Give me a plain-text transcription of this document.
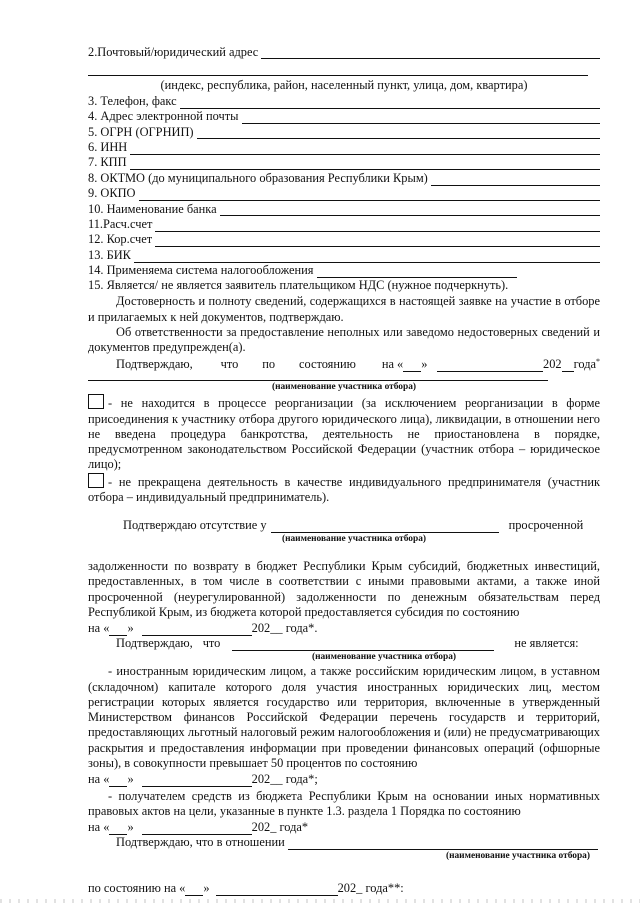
2.Почтовый/юридический адрес
(индекс, республика, район, населенный пункт, улица, дом, квартира)
3. Телефон, факс
4. Адрес электронной почты
5. ОГРН (ОГРНИП)
6. ИНН
7. КПП
8. ОКТМО (до муниципального образования Республики Крым)
9. ОКПО
10. Наименование банка
11.Расч.счет
12. Кор.счет
13. БИК
14. Применяема система налогообложения
15. Является/ не является заявитель плательщиком НДС (нужное подчеркнуть).
Достоверность и полноту сведений, содержащихся в настоящей заявке на участие в отборе и прилагаемых к ней документов, подтверждаю.
Об ответственности за предоставление неполных или заведомо недостоверных сведений и документов предупрежден(а).
Подтверждаю, что по состоянию на « »	202 года *
(наименование участника отбора)
- не находится в процессе реорганизации (за исключением реорганизации в форме присоединения к участнику отбора другого юридического лица), ликвидации, в отношении него не введена процедура банкротства, деятельность не приостановлена в порядке, предусмотренном законодательством Российской Федерации (участник отбора – юридическое лицо);
- не прекращена деятельность в качестве индивидуального предпринимателя (участник отбора – индивидуальный предприниматель).
Подтверждаю отсутствие у	просроченной
(наименование участника отбора)
задолженности по возврату в бюджет Республики Крым субсидий, бюджетных инвестиций, предоставленных, в том числе в соответствии с иными правовыми актами, а также иной просроченной (неурегулированной) задолженности по денежным обязательствам перед Республикой Крым, из бюджета которой предоставляется субсидия по состоянию
на « »	202__ года*.
Подтверждаю, что	не является:
(наименование участника отбора)
- иностранным юридическим лицом, а также российским юридическим лицом, в уставном (складочном) капитале которого доля участия иностранных юридических лиц, местом регистрации которых является государство или территория, включенные в утвержденный Министерством финансов Российской Федерации перечень государств и территорий, предоставляющих льготный налоговый режим налогообложения и (или) не предусматривающих раскрытия и предоставления информации при проведении финансовых операций (офшорные зоны), в совокупности превышает 50 процентов по состоянию
на « »	202__ года*;
- получателем средств из бюджета Республики Крым на основании иных нормативных правовых актов на цели, указанные в пункте 1.3. раздела 1 Порядка по состоянию
на « »	202_ года*
Подтверждаю, что в отношении
(наименование участника отбора)
по состоянию на « »	202_ года**:
